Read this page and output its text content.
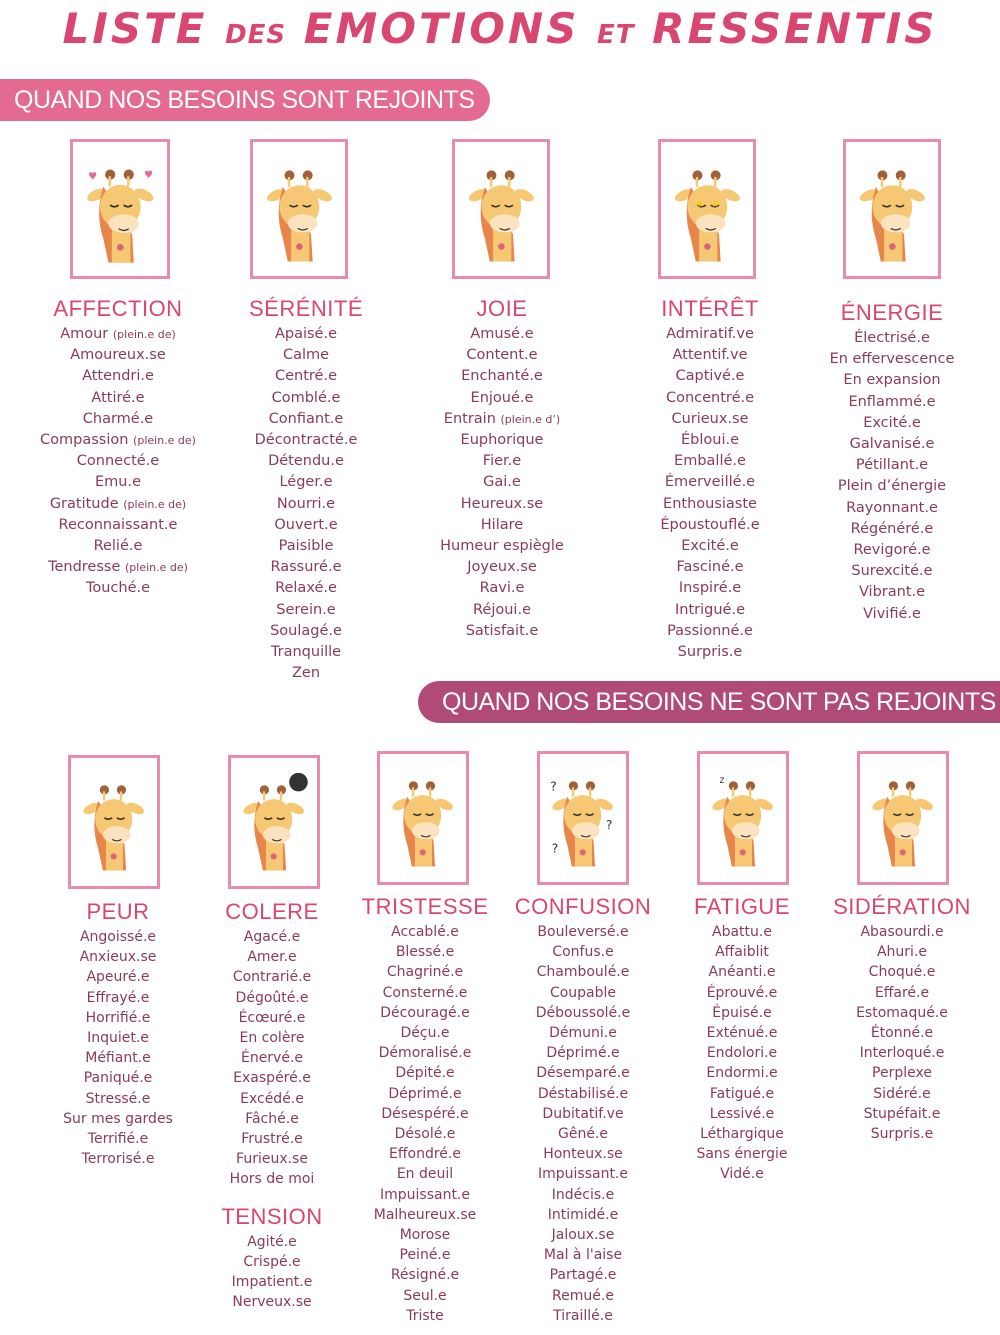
LISTE DES EMOTIONS ET RESSENTIS
QUAND NOS BESOINS SONT REJOINTS
QUAND NOS BESOINS NE SONT PAS REJOINTS
♥	♥
★ ★
?
?
?
z
AFFECTION
Amour (plein.e de)
Amoureux.se
Attendri.e
Attiré.e
Charmé.e
Compassion (plein.e de)
Connecté.e
Emu.e
Gratitude (plein.e de)
Reconnaissant.e
Relié.e
Tendresse (plein.e de)
Touché.e
SÉRÉNITÉ
Apaisé.e
Calme
Centré.e
Comblé.e
Confiant.e
Décontracté.e
Détendu.e
Léger.e
Nourri.e
Ouvert.e
Paisible
Rassuré.e
Relaxé.e
Serein.e
Soulagé.e
Tranquille
Zen
JOIE
Amusé.e
Content.e
Enchanté.e
Enjoué.e
Entrain (plein.e d’)
Euphorique
Fier.e
Gai.e
Heureux.se
Hilare
Humeur espiègle
Joyeux.se
Ravi.e
Réjoui.e
Satisfait.e
INTÉRÊT
Admiratif.ve
Attentif.ve
Captivé.e
Concentré.e
Curieux.se
Ébloui.e
Emballé.e
Émerveillé.e
Enthousiaste
Époustouflé.e
Excité.e
Fasciné.e
Inspiré.e
Intrigué.e
Passionné.e
Surpris.e
ÉNERGIE
Électrisé.e
En effervescence
En expansion
Enflammé.e
Excité.e
Galvanisé.e
Pétillant.e
Plein d’énergie
Rayonnant.e
Régénéré.e
Revigoré.e
Surexcité.e
Vibrant.e
Vivifié.e
PEUR
Angoissé.e
Anxieux.se
Apeuré.e
Effrayé.e
Horrifié.e
Inquiet.e
Méfiant.e
Paniqué.e
Stressé.e
Sur mes gardes
Terrifié.e
Terrorisé.e
COLERE
Agacé.e
Amer.e
Contrarié.e
Dégoûté.e
Écœuré.e
En colère
Énervé.e
Exaspéré.e
Excédé.e
Fâché.e
Frustré.e
Furieux.se
Hors de moi
TENSION
Agité.e
Crispé.e
Impatient.e
Nerveux.se
TRISTESSE
Accablé.e
Blessé.e
Chagriné.e
Consterné.e
Découragé.e
Déçu.e
Démoralisé.e
Dépité.e
Déprimé.e
Désespéré.e
Désolé.e
Effondré.e
En deuil
Impuissant.e
Malheureux.se
Morose
Peiné.e
Résigné.e
Seul.e
Triste
CONFUSION
Bouleversé.e
Confus.e
Chamboulé.e
Coupable
Déboussolé.e
Démuni.e
Déprimé.e
Désemparé.e
Déstabilisé.e
Dubitatif.ve
Gêné.e
Honteux.se
Impuissant.e
Indécis.e
Intimidé.e
Jaloux.se
Mal à l'aise
Partagé.e
Remué.e
Tiraillé.e
FATIGUE
Abattu.e
Affaiblit
Anéanti.e
Éprouvé.e
Épuisé.e
Exténué.e
Endolori.e
Endormi.e
Fatigué.e
Lessivé.e
Léthargique
Sans énergie
Vidé.e
SIDÉRATION
Abasourdi.e
Ahuri.e
Choqué.e
Effaré.e
Estomaqué.e
Étonné.e
Interloqué.e
Perplexe
Sidéré.e
Stupéfait.e
Surpris.e
